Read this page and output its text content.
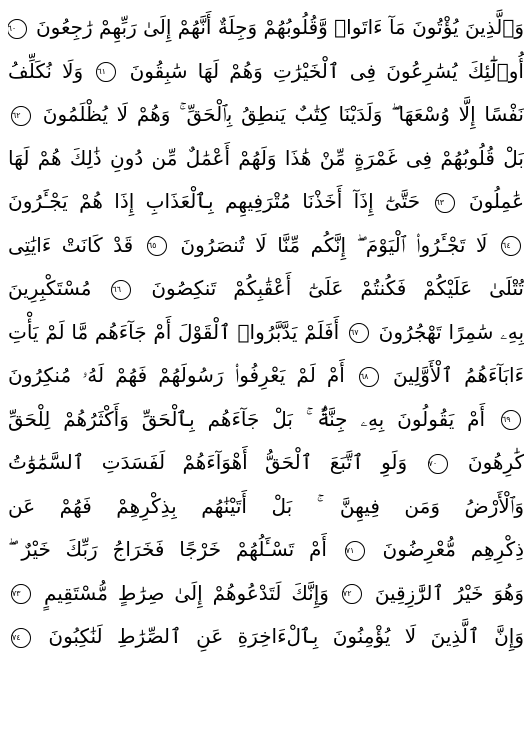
وَٱلَّذِينَ يُؤْتُونَ مَآ ءَاتَوا۟ وَّقُلُوبُهُمْ وَجِلَةٌ أَنَّهُمْ إِلَىٰ رَبِّهِمْ رَٰجِعُونَ ٦٠
أُو۟لَٰٓئِكَ يُسَٰرِعُونَ فِى ٱلْخَيْرَٰتِ وَهُمْ لَهَا سَٰبِقُونَ ٦١ وَلَا نُكَلِّفُ
نَفْسًا إِلَّا وُسْعَهَا ۖ وَلَدَيْنَا كِتَٰبٌ يَنطِقُ بِٱلْحَقِّ ۚ وَهُمْ لَا يُظْلَمُونَ ٦٢
بَلْ قُلُوبُهُمْ فِى غَمْرَةٍ مِّنْ هَٰذَا وَلَهُمْ أَعْمَٰلٌ مِّن دُونِ ذَٰلِكَ هُمْ لَهَا
عَٰمِلُونَ ٦٣ حَتَّىٰٓ إِذَآ أَخَذْنَا مُتْرَفِيهِم بِٱلْعَذَابِ إِذَا هُمْ يَجْـَٔرُونَ
٦٤ لَا تَجْـَٔرُوا۟ ٱلْيَوْمَ ۖ إِنَّكُم مِّنَّا لَا تُنصَرُونَ ٦٥ قَدْ كَانَتْ ءَايَٰتِى
تُتْلَىٰ عَلَيْكُمْ فَكُنتُمْ عَلَىٰٓ أَعْقَٰبِكُمْ تَنكِصُونَ ٦٦ مُسْتَكْبِرِينَ
بِهِۦ سَٰمِرًا تَهْجُرُونَ ٦٧ أَفَلَمْ يَدَّبَّرُوا۟ ٱلْقَوْلَ أَمْ جَآءَهُم مَّا لَمْ يَأْتِ
ءَابَآءَهُمُ ٱلْأَوَّلِينَ ٦٨ أَمْ لَمْ يَعْرِفُوا۟ رَسُولَهُمْ فَهُمْ لَهُۥ مُنكِرُونَ
٦٩ أَمْ يَقُولُونَ بِهِۦ جِنَّةٌۢ ۚ بَلْ جَآءَهُم بِٱلْحَقِّ وَأَكْثَرُهُمْ لِلْحَقِّ
كَٰرِهُونَ ٧٠ وَلَوِ ٱتَّبَعَ ٱلْحَقُّ أَهْوَآءَهُمْ لَفَسَدَتِ ٱلسَّمَٰوَٰتُ
وَٱلْأَرْضُ وَمَن فِيهِنَّ ۚ بَلْ أَتَيْنَٰهُم بِذِكْرِهِمْ فَهُمْ عَن
ذِكْرِهِم مُّعْرِضُونَ ٧١ أَمْ تَسْـَٔلُهُمْ خَرْجًا فَخَرَاجُ رَبِّكَ خَيْرٌ ۖ
وَهُوَ خَيْرُ ٱلرَّٰزِقِينَ ٧٢ وَإِنَّكَ لَتَدْعُوهُمْ إِلَىٰ صِرَٰطٍ مُّسْتَقِيمٍ ٧٣
وَإِنَّ ٱلَّذِينَ لَا يُؤْمِنُونَ بِٱلْءَاخِرَةِ عَنِ ٱلصِّرَٰطِ لَنَٰكِبُونَ ٧٤
